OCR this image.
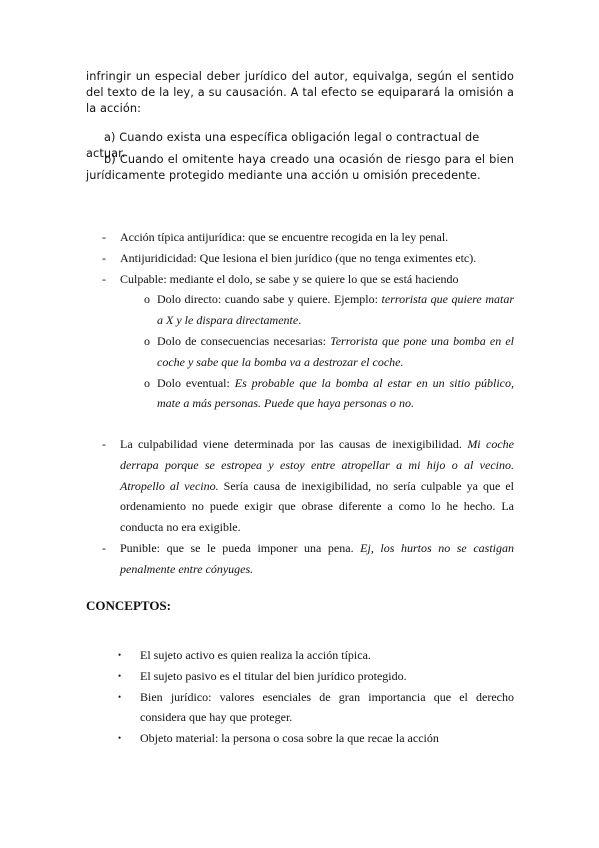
infringir un especial deber jurídico del autor, equivalga, según el sentido del texto de la ley, a su causación. A tal efecto se equiparará la omisión a la acción:

a) Cuando exista una específica obligación legal o contractual de actuar.

b) Cuando el omitente haya creado una ocasión de riesgo para el bien jurídicamente protegido mediante una acción u omisión precedente.

-	Acción típica antijurídica: que se encuentre recogida en la ley penal.
-	Antijuridicidad: Que lesiona el bien jurídico (que no tenga eximentes etc).
-	Culpable: mediante el dolo, se sabe y se quiere lo que se está haciendo
o Dolo directo: cuando sabe y quiere. Ejemplo: terrorista que quiere matar a X y le dispara directamente.
o Dolo de consecuencias necesarias: Terrorista que pone una bomba en el coche y sabe que la bomba va a destrozar el coche.
o Dolo eventual: Es probable que la bomba al estar en un sitio público, mate a más personas. Puede que haya personas o no.
-	La culpabilidad viene determinada por las causas de inexigibilidad. Mi coche derrapa porque se estropea y estoy entre atropellar a mi hijo o al vecino. Atropello al vecino. Sería causa de inexigibilidad, no sería culpable ya que el ordenamiento no puede exigir que obrase diferente a como lo he hecho. La conducta no era exigible.
-	Punible: que se le pueda imponer una pena. Ej, los hurtos no se castigan penalmente entre cónyuges.
CONCEPTOS:
•	El sujeto activo es quien realiza la acción típica.
•	El sujeto pasivo es el titular del bien jurídico protegido.
•	Bien jurídico: valores esenciales de gran importancia que el derecho considera que hay que proteger.
•	Objeto material: la persona o cosa sobre la que recae la acción
